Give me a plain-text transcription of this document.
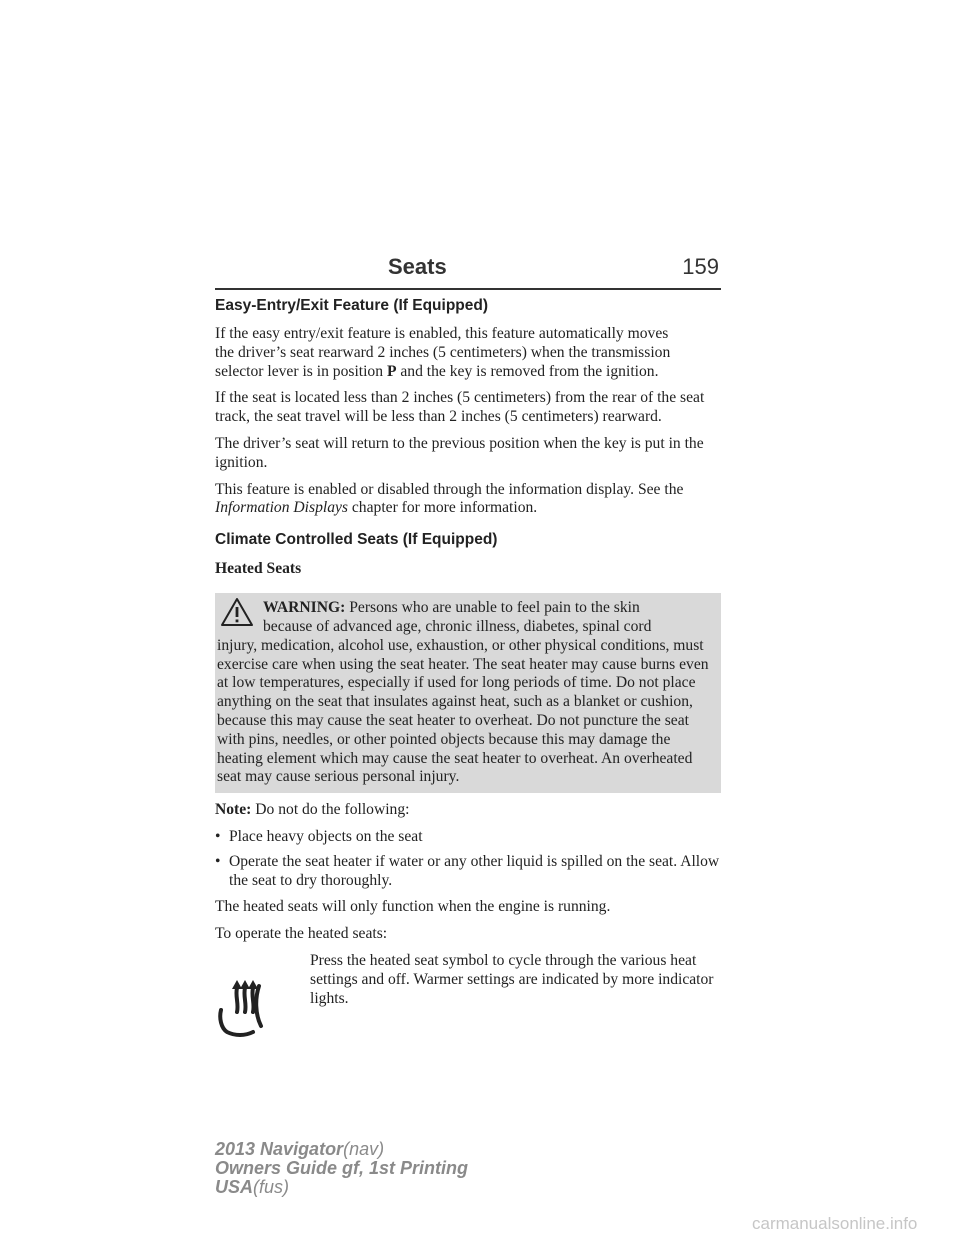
Seats	159
Easy-Entry/Exit Feature (If Equipped)

If the easy entry/exit feature is enabled, this feature automatically moves
the driver’s seat rearward 2 inches (5 centimeters) when the transmission
selector lever is in position P and the key is removed from the ignition.

If the seat is located less than 2 inches (5 centimeters) from the rear of the seat track, the seat travel will be less than 2 inches (5 centimeters) rearward.

The driver’s seat will return to the previous position when the key is put in the ignition.

This feature is enabled or disabled through the information display. See the Information Displays chapter for more information.

Climate Controlled Seats (If Equipped)
Heated Seats

WARNING: Persons who are unable to feel pain to the skin
because of advanced age, chronic illness, diabetes, spinal cord
injury, medication, alcohol use, exhaustion, or other physical conditions, must exercise care when using the seat heater. The seat heater may cause burns even at low temperatures, especially if used for long periods of time. Do not place anything on the seat that insulates against heat, such as a blanket or cushion, because this may cause the seat heater to overheat. Do not puncture the seat with pins, needles, or other pointed objects because this may damage the heating element which may cause the seat heater to overheat. An overheated seat may cause serious personal injury.

Note: Do not do the following:

• Place heavy objects on the seat
• Operate the seat heater if water or any other liquid is spilled on the seat. Allow the seat to dry thoroughly.

The heated seats will only function when the engine is running.

To operate the heated seats:

Press the heated seat symbol to cycle through the various heat settings and off. Warmer settings are indicated by more indicator lights.

2013 Navigator(nav)
Owners Guide gf, 1st Printing
USA(fus)
carmanualsonline.info
